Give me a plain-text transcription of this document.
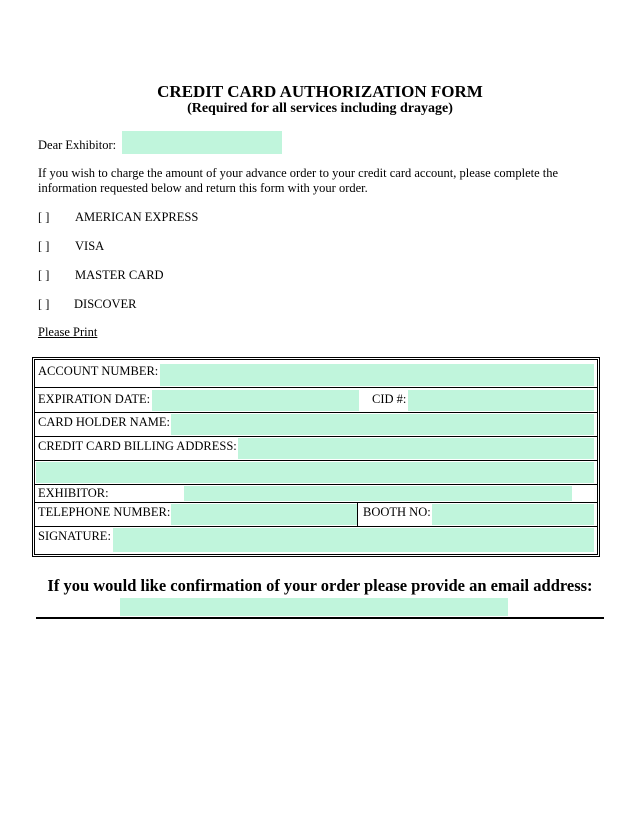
CREDIT CARD AUTHORIZATION FORM
(Required for all services including drayage)
Dear Exhibitor:
If you wish to charge the amount of your advance order to your credit card account, please complete the
information requested below and return this form with your order.
[ ] AMERICAN EXPRESS
[ ] VISA
[ ] MASTER CARD
[ ] DISCOVER
Please Print
ACCOUNT NUMBER:
EXPIRATION DATE:	CID #:
CARD HOLDER NAME:
CREDIT CARD BILLING ADDRESS:
EXHIBITOR:
TELEPHONE NUMBER:	BOOTH NO:
SIGNATURE:
If you would like confirmation of your order please provide an email address:
